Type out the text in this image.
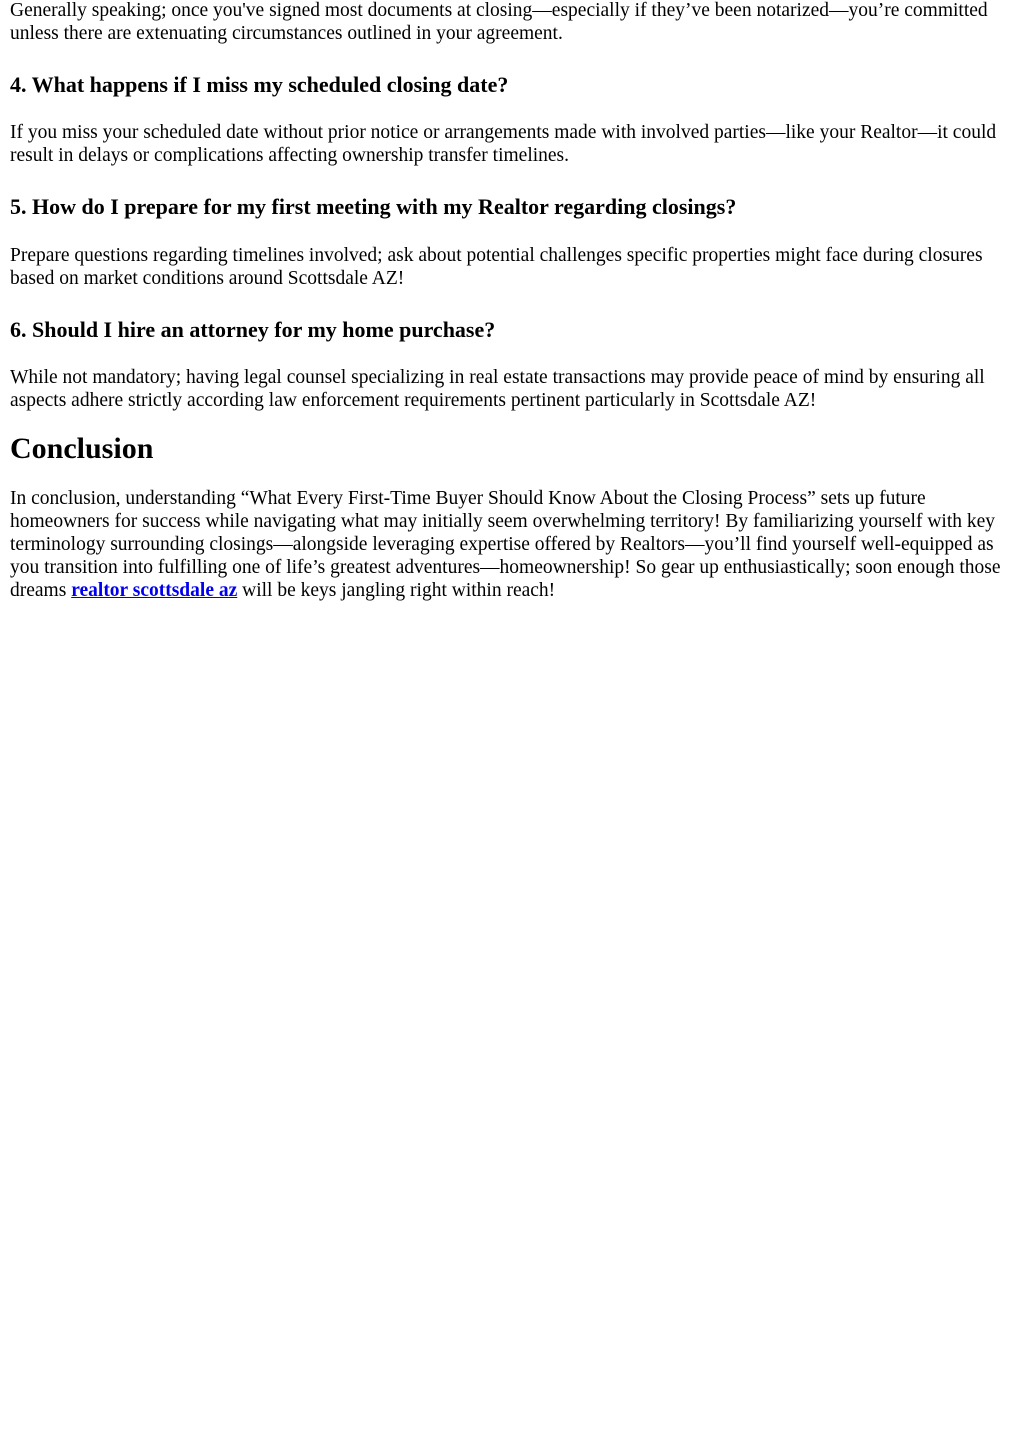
Generally speaking; once you've signed most documents at closing—especially if they’ve been notarized—you’re committed unless there are extenuating circumstances outlined in your agreement.

4. What happens if I miss my scheduled closing date?

If you miss your scheduled date without prior notice or arrangements made with involved parties—like your Realtor—it could result in delays or complications affecting ownership transfer timelines.

5. How do I prepare for my first meeting with my Realtor regarding closings?

Prepare questions regarding timelines involved; ask about potential challenges specific properties might face during closures based on market conditions around Scottsdale AZ!

6. Should I hire an attorney for my home purchase?

While not mandatory; having legal counsel specializing in real estate transactions may provide peace of mind by ensuring all aspects adhere strictly according law enforcement requirements pertinent particularly in Scottsdale AZ!

Conclusion

In conclusion, understanding “What Every First-Time Buyer Should Know About the Closing Process” sets up future homeowners for success while navigating what may initially seem overwhelming territory! By familiarizing yourself with key terminology surrounding closings—alongside leveraging expertise offered by Realtors—you’ll find yourself well-equipped as you transition into fulfilling one of life’s greatest adventures—homeownership! So gear up enthusiastically; soon enough those dreams realtor scottsdale az will be keys jangling right within reach!
